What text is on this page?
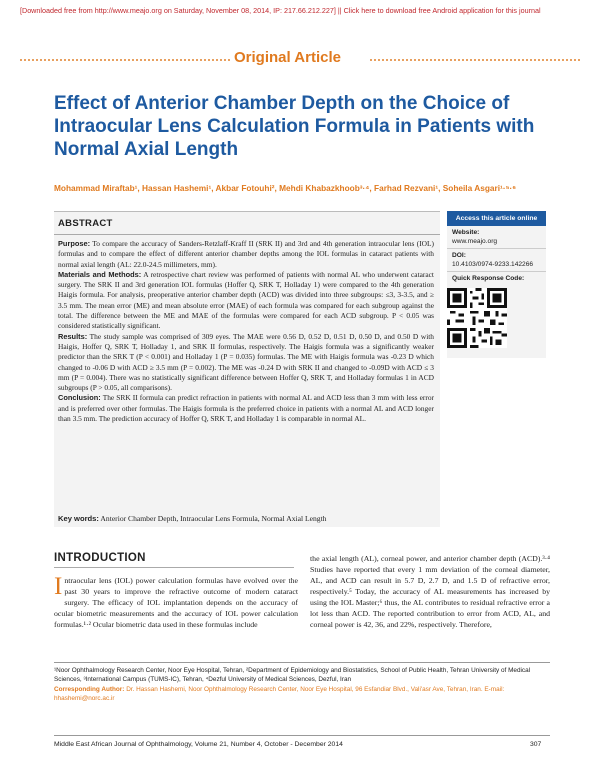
[Downloaded free from http://www.meajo.org on Saturday, November 08, 2014, IP: 217.66.212.227] || Click here to download free Android application for this journal
Original Article
Effect of Anterior Chamber Depth on the Choice of Intraocular Lens Calculation Formula in Patients with Normal Axial Length
Mohammad Miraftab¹, Hassan Hashemi¹, Akbar Fotouhi², Mehdi Khabazkhoob³·⁴, Farhad Rezvani¹, Soheila Asgari¹·⁵·⁶
ABSTRACT
Purpose: To compare the accuracy of Sanders-Retzlaff-Kraff II (SRK II) and 3rd and 4th generation intraocular lens (IOL) formulas and to compare the effect of different anterior chamber depths among the IOL formulas in cataract patients with normal axial length (AL: 22.0-24.5 millimeters, mm).
Materials and Methods: A retrospective chart review was performed of patients with normal AL who underwent cataract surgery. The SRK II and 3rd generation IOL formulas (Hoffer Q, SRK T, Holladay 1) were compared to the 4th generation Haigis formula. For analysis, preoperative anterior chamber depth (ACD) was divided into three subgroups: ≤3, 3-3.5, and ≥ 3.5 mm. The mean error (ME) and mean absolute error (MAE) of each formula was compared for each subgroup against the total. The difference between the ME and MAE of the formulas were compared for each ACD subgroup. P < 0.05 was considered statistically significant.
Results: The study sample was comprised of 309 eyes. The MAE were 0.56 D, 0.52 D, 0.51 D, 0.50 D, and 0.50 D with Haigis, Hoffer Q, SRK T, Holladay 1, and SRK II formulas, respectively. The Haigis formula was a significantly weaker predictor than the SRK T (P < 0.001) and Holladay 1 (P = 0.035) formulas. The ME with Haigis formula was -0.23 D which changed to -0.06 D with ACD ≥ 3.5 mm (P = 0.002). The ME was -0.24 D with SRK II and changed to -0.09D with ACD ≤ 3 mm (P = 0.004). There was no statistically significant difference between Hoffer Q, SRK T, and Holladay formulas 1 in ACD subgroups (P > 0.05, all comparisons).
Conclusion: The SRK II formula can predict refraction in patients with normal AL and ACD less than 3 mm with less error and is preferred over other formulas. The Haigis formula is the preferred choice in patients with a normal AL and ACD longer than 3.5 mm. The prediction accuracy of Hoffer Q, SRK T, and Holladay 1 is comparable in normal AL.
Key words: Anterior Chamber Depth, Intraocular Lens Formula, Normal Axial Length
Access this article online
Website:
www.meajo.org
DOI:
10.4103/0974-9233.142266
Quick Response Code:
INTRODUCTION
Intraocular lens (IOL) power calculation formulas have evolved over the past 30 years to improve the refractive outcome of modern cataract surgery. The efficacy of IOL implantation depends on the accuracy of ocular biometric measurements and the accuracy of IOL power calculation formulas.¹·² Ocular biometric data used in these formulas include
the axial length (AL), corneal power, and anterior chamber depth (ACD).³·⁴ Studies have reported that every 1 mm deviation of the corneal diameter, AL, and ACD can result in 5.7 D, 2.7 D, and 1.5 D of refractive error, respectively.⁵ Today, the accuracy of AL measurements has increased by using the IOL Master;⁶ thus, the AL contributes to residual refractive error a lot less than ACD. The reported contribution to error from ACD, AL, and corneal power is 42, 36, and 22%, respectively. Therefore,
¹Noor Ophthalmology Research Center, Noor Eye Hospital, Tehran, ²Department of Epidemiology and Biostatistics, School of Public Health, Tehran University of Medical Sciences, ³International Campus (TUMS-IC), Tehran, ⁴Dezful University of Medical Sciences, Dezful, Iran
Corresponding Author: Dr. Hassan Hashemi, Noor Ophthalmology Research Center, Noor Eye Hospital, 96 Esfandiar Blvd., Vali'asr Ave, Tehran, Iran. E-mail: hhashemi@norc.ac.ir
Middle East African Journal of Ophthalmology, Volume 21, Number 4, October - December 2014	307
